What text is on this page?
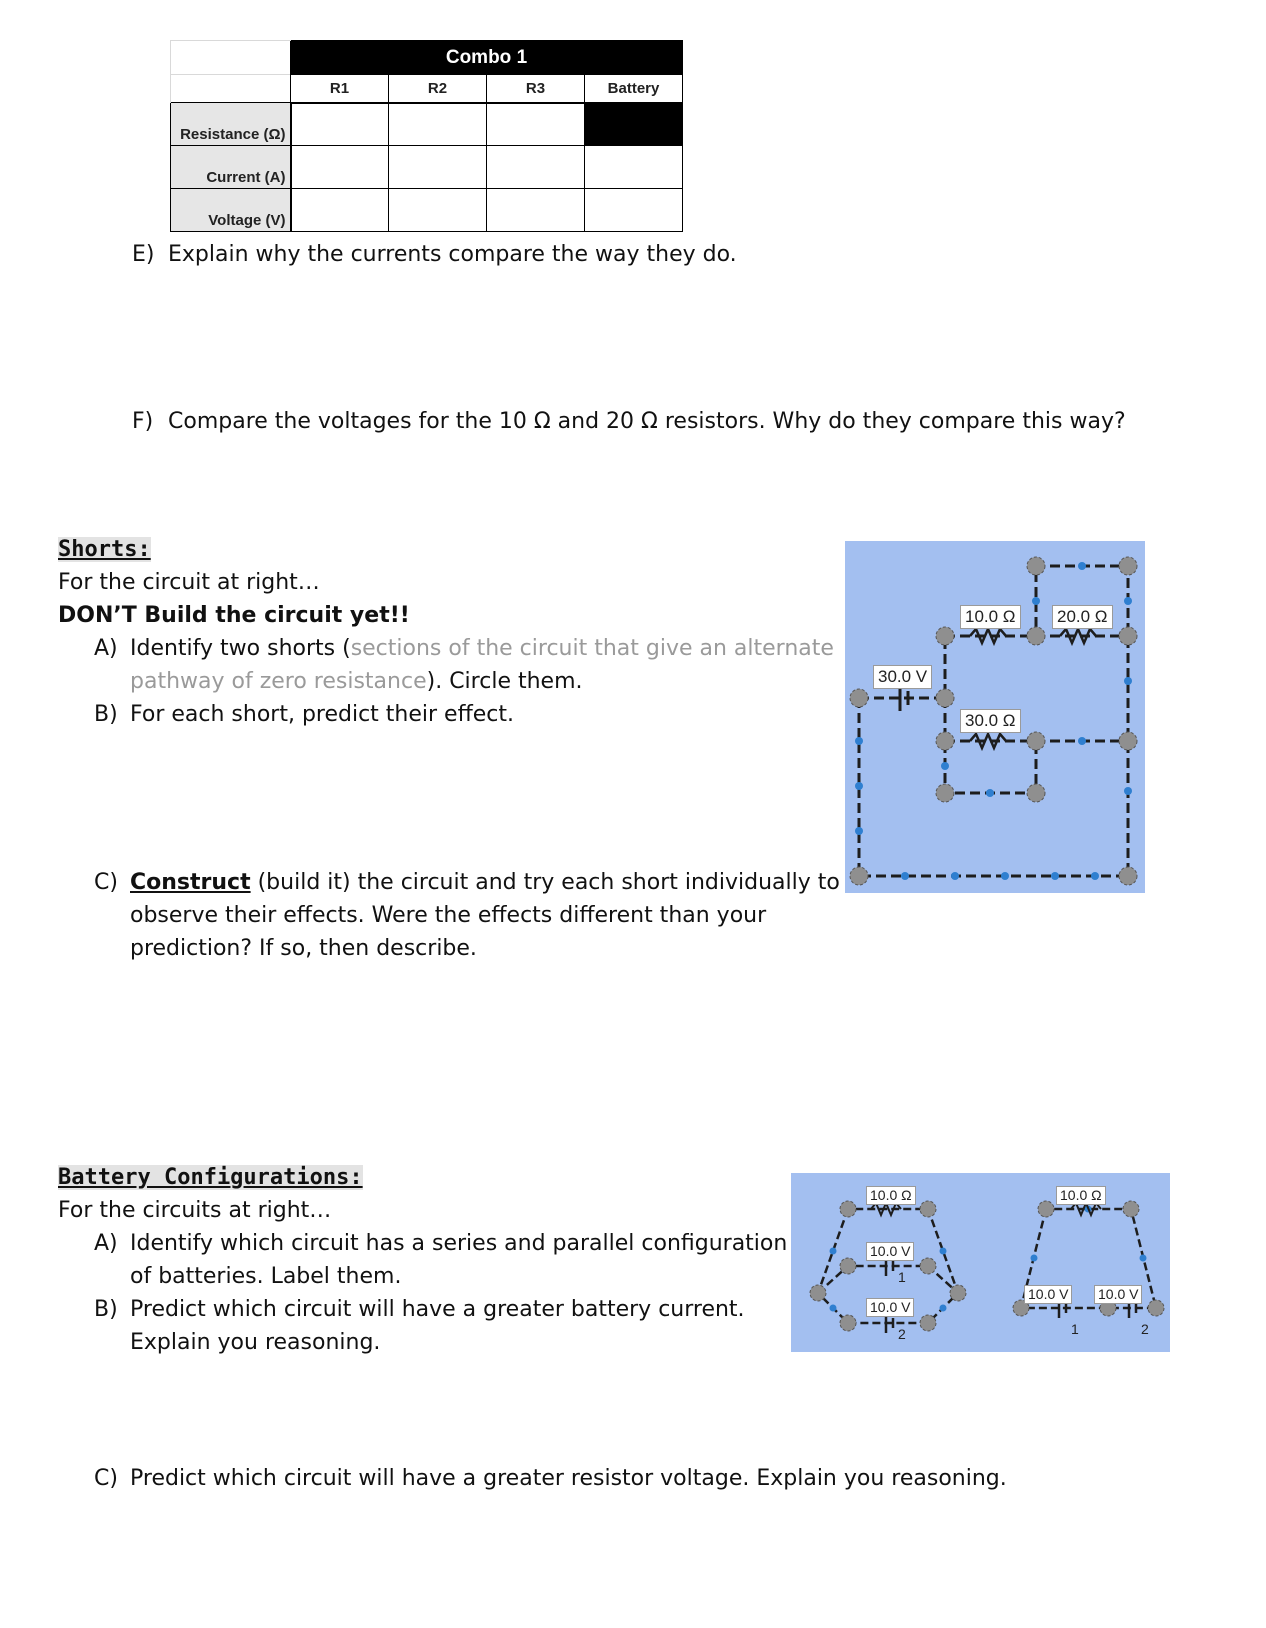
	Combo 1			
	R1	R2	R3	Battery
Resistance (Ω)				
Current (A)				
Voltage (V)				
E) Explain why the currents compare the way they do.
F) Compare the voltages for the 10 Ω and 20 Ω resistors. Why do they compare this way?
Shorts:
For the circuit at right…
DON’T Build the circuit yet!!
A) Identify two shorts (sections of the circuit that give an alternate
pathway of zero resistance). Circle them.
B) For each short, predict their effect.
C) Construct (build it) the circuit and try each short individually to
observe their effects. Were the effects different than your
prediction? If so, then describe.
30.0 V
10.0 Ω 20.0 Ω
30.0 Ω
Battery Configurations:
For the circuits at right…
A) Identify which circuit has a series and parallel configuration
of batteries. Label them.
B) Predict which circuit will have a greater battery current.
Explain you reasoning.
C) Predict which circuit will have a greater resistor voltage. Explain you reasoning.
10.0 Ω
10.0 V
10.0 V
1
2
10.0 Ω
10.0 V 10.0 V
1	2
